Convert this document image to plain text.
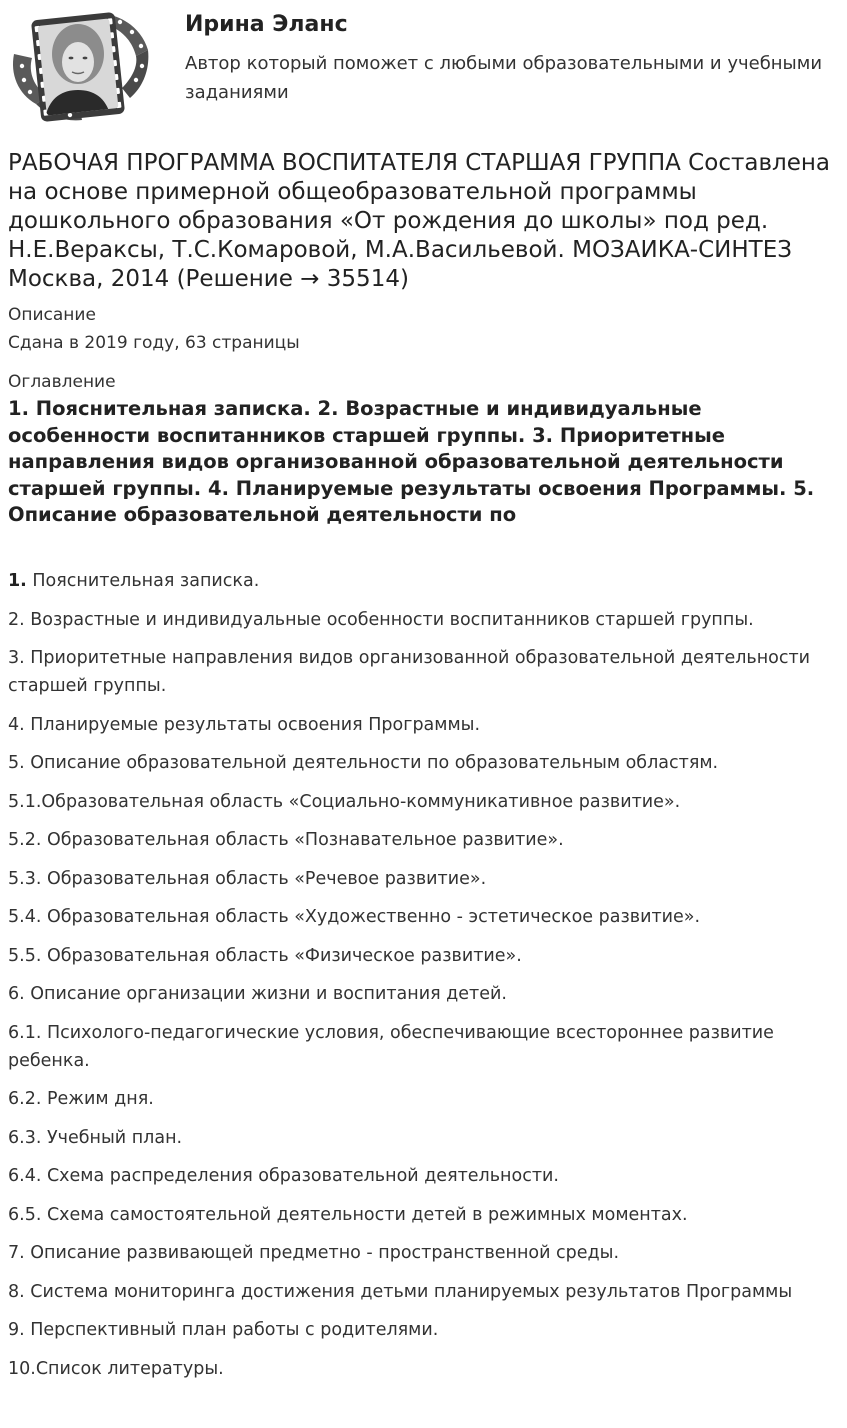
Ирина Эланс
Автор который поможет с любыми образовательными и учебными заданиями
РАБОЧАЯ ПРОГРАММА ВОСПИТАТЕЛЯ СТАРШАЯ ГРУППА Составлена на основе примерной общеобразовательной программы дошкольного образования «От рождения до школы» под ред. Н.Е.Вераксы, Т.С.Комаровой, М.А.Васильевой. МОЗАИКА-СИНТЕЗ Москва, 2014 (Решение → 35514)
Описание
Сдана в 2019 году, 63 страницы
Оглавление
1. Пояснительная записка. 2. Возрастные и индивидуальные особенности воспитанников старшей группы. 3. Приоритетные направления видов организованной образовательной деятельности старшей группы. 4. Планируемые результаты освоения Программы. 5. Описание образовательной деятельности по
1. Пояснительная записка.
2. Возрастные и индивидуальные особенности воспитанников старшей группы.
3. Приоритетные направления видов организованной образовательной деятельности старшей группы.
4. Планируемые результаты освоения Программы.
5. Описание образовательной деятельности по образовательным областям.
5.1.Образовательная область «Социально-коммуникативное развитие».
5.2. Образовательная область «Познавательное развитие».
5.3. Образовательная область «Речевое развитие».
5.4. Образовательная область «Художественно - эстетическое развитие».
5.5. Образовательная область «Физическое развитие».
6. Описание организации жизни и воспитания детей.
6.1. Психолого-педагогические условия, обеспечивающие всестороннее развитие ребенка.
6.2. Режим дня.
6.3. Учебный план.
6.4. Схема распределения образовательной деятельности.
6.5. Схема самостоятельной деятельности детей в режимных моментах.
7. Описание развивающей предметно - пространственной среды.
8. Система мониторинга достижения детьми планируемых результатов Программы
9. Перспективный план работы с родителями.
10.Список литературы.
